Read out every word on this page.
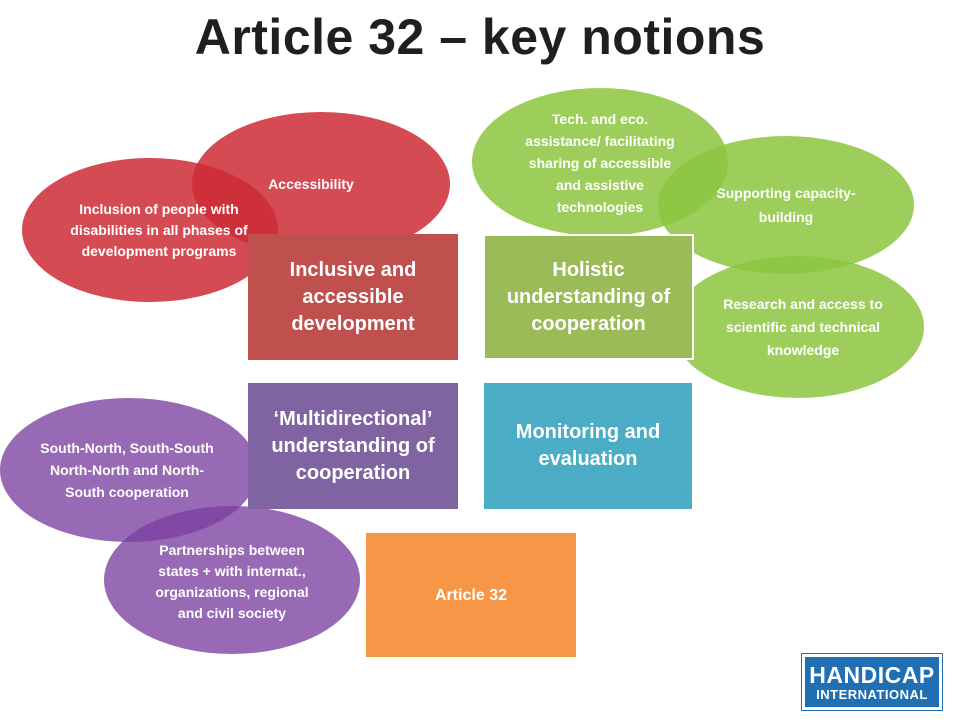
Article 32 – key notions
Accessibility
Inclusion of people with disabilities in all phases of development programs
Research and access to scientific and technical knowledge
Supporting capacity-building
Tech. and eco. assistance/ facilitating sharing of accessible and assistive technologies
South-North, South-South North-North and North-South cooperation
Partnerships between states + with internat., organizations, regional and civil society
Inclusive and accessible development
Holistic understanding of cooperation
‘Multidirectional’ understanding of cooperation
Monitoring and evaluation
Article 32
HANDICAP
INTERNATIONAL
